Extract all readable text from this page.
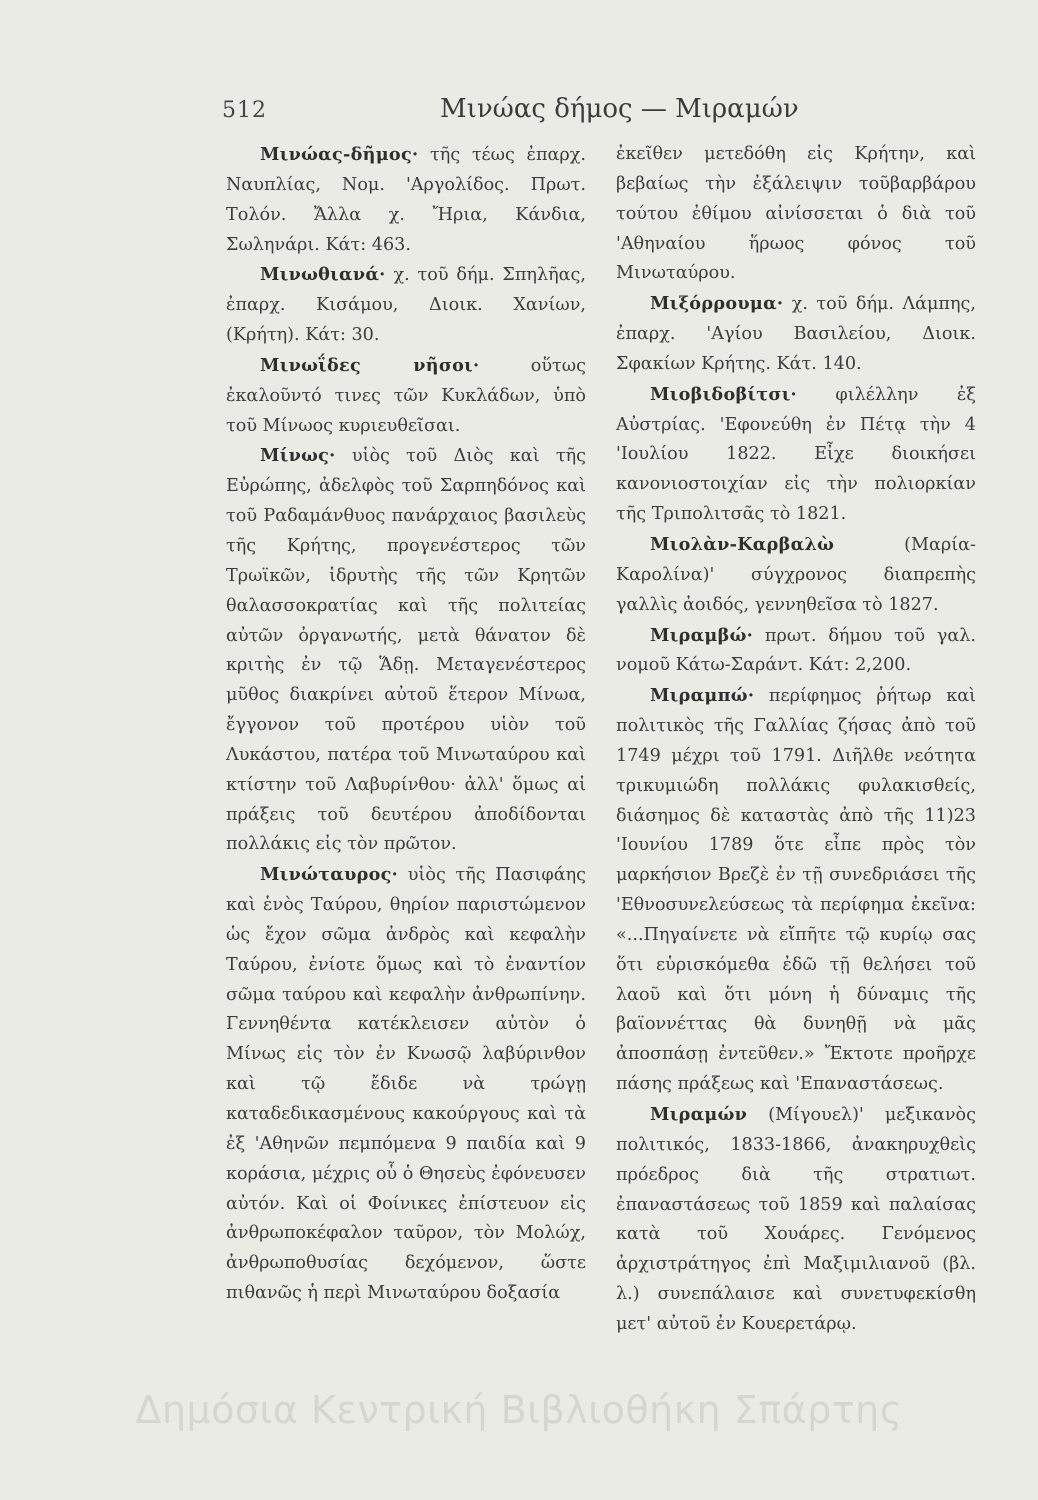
512	Μινώας δήμος — Μιραμών

Μινώας-δῆμος· τῆς τέως ἐπαρχ. Ναυπλίας, Νομ. 'Αργολίδος. Πρωτ. Τολόν. Ἄλλα χ. Ἤρια, Κάνδια, Σωληνάρι. Κάτ: 463.

Μινωθιανά· χ. τοῦ δήμ. Σπηλῆας, ἐπαρχ. Κισάμου, Διοικ. Χανίων, (Κρήτη). Κάτ: 30.

Μινωΐδες νῆσοι· οὕτως ἐκαλοῦντό τινες τῶν Κυκλάδων, ὑπὸ τοῦ Μίνωος κυριευθεῖσαι.

Μίνως· υἱὸς τοῦ Διὸς καὶ τῆς Εὐρώπης, ἀδελφὸς τοῦ Σαρπηδόνος καὶ τοῦ Ραδαμάνθυος πανάρχαιος βασιλεὺς τῆς Κρήτης, προγενέστερος τῶν Τρωϊκῶν, ἱδρυτὴς τῆς τῶν Κρητῶν θαλασσοκρατίας καὶ τῆς πολιτείας αὐτῶν ὀργανωτής, μετὰ θάνατον δὲ κριτὴς ἐν τῷ Ἅδῃ. Μεταγενέστερος μῦθος διακρίνει αὐτοῦ ἕτερον Μίνωα, ἔγγονον τοῦ προτέρου υἱὸν τοῦ Λυκάστου, πατέρα τοῦ Μινωταύρου καὶ κτίστην τοῦ Λαβυρίνθου· ἀλλ' ὅμως αἱ πράξεις τοῦ δευτέρου ἀποδίδονται πολλάκις εἰς τὸν πρῶτον.

Μινώταυρος· υἱὸς τῆς Πασιφάης καὶ ἑνὸς Ταύρου, θηρίον παριστώμενον ὡς ἔχον σῶμα ἀνδρὸς καὶ κεφαλὴν Ταύρου, ἐνίοτε ὅμως καὶ τὸ ἐναντίον σῶμα ταύρου καὶ κεφαλὴν ἀνθρωπίνην. Γεννηθέντα κατέκλεισεν αὐτὸν ὁ Μίνως εἰς τὸν ἐν Κνωσῷ λαβύρινθον καὶ τῷ ἔδιδε νὰ τρώγῃ καταδεδικασμένους κακούργους καὶ τὰ ἐξ 'Αθηνῶν πεμπόμενα 9 παιδία καὶ 9 κοράσια, μέχρις οὗ ὁ Θησεὺς ἐφόνευσεν αὐτόν. Καὶ οἱ Φοίνικες ἐπίστευον εἰς ἀνθρωποκέφαλον ταῦρον, τὸν Μολώχ, ἀνθρωποθυσίας δεχόμενον, ὥστε πιθανῶς ἡ περὶ Μινωταύρου δοξασία

ἐκεῖθεν μετεδόθη εἰς Κρήτην, καὶ βεβαίως τὴν ἐξάλειψιν τοῦβαρβάρου τούτου ἐθίμου αἰνίσσεται ὁ διὰ τοῦ 'Αθηναίου ἥρωος φόνος τοῦ Μινωταύρου.

Μιξόρρουμα· χ. τοῦ δήμ. Λάμπης, ἐπαρχ. 'Αγίου Βασιλείου, Διοικ. Σφακίων Κρήτης. Κάτ. 140.

Μιοβιδοβίτσι· φιλέλλην ἐξ Αὐστρίας. 'Εφονεύθη ἐν Πέτᾳ τὴν 4 'Ιουλίου 1822. Εἶχε διοικήσει κανονιοστοιχίαν εἰς τὴν πολιορκίαν τῆς Τριπολιτσᾶς τὸ 1821.

Μιολὰν-Καρβαλὼ (Μαρία-Καρολίνα)' σύγχρονος διαπρεπὴς γαλλὶς ἀοιδός, γεννηθεῖσα τὸ 1827.

Μιραμβώ· πρωτ. δήμου τοῦ γαλ. νομοῦ Κάτω-Σαράντ. Κάτ: 2,200.

Μιραμπώ· περίφημος ῥήτωρ καὶ πολιτικὸς τῆς Γαλλίας ζήσας ἀπὸ τοῦ 1749 μέχρι τοῦ 1791. Διῆλθε νεότητα τρικυμιώδη πολλάκις φυλακισθείς, διάσημος δὲ καταστὰς ἀπὸ τῆς 11)23 'Ιουνίου 1789 ὅτε εἶπε πρὸς τὸν μαρκήσιον Βρεζὲ ἐν τῇ συνεδριάσει τῆς 'Εθνοσυνελεύσεως τὰ περίφημα ἐκεῖνα: «...Πηγαίνετε νὰ εἴπῆτε τῷ κυρίῳ σας ὅτι εὑρισκόμεθα ἐδῶ τῇ θελήσει τοῦ λαοῦ καὶ ὅτι μόνη ἡ δύναμις τῆς βαϊοννέττας θὰ δυνηθῇ νὰ μᾶς ἀποσπάσῃ ἐντεῦθεν.» Ἔκτοτε προῆρχε πάσης πράξεως καὶ 'Επαναστάσεως.

Μιραμών (Μίγουελ)' μεξικανὸς πολιτικός, 1833-1866, ἀνακηρυχθεὶς πρόεδρος διὰ τῆς στρατιωτ. ἐπαναστάσεως τοῦ 1859 καὶ παλαίσας κατὰ τοῦ Χουάρες. Γενόμενος ἀρχιστράτηγος ἐπὶ Μαξιμιλιανοῦ (βλ. λ.) συνεπάλαισε καὶ συνετυφεκίσθη μετ' αὐτοῦ ἐν Κουερετάρῳ.

Δημόσια Κεντρική Βιβλιοθήκη Σπάρτης
